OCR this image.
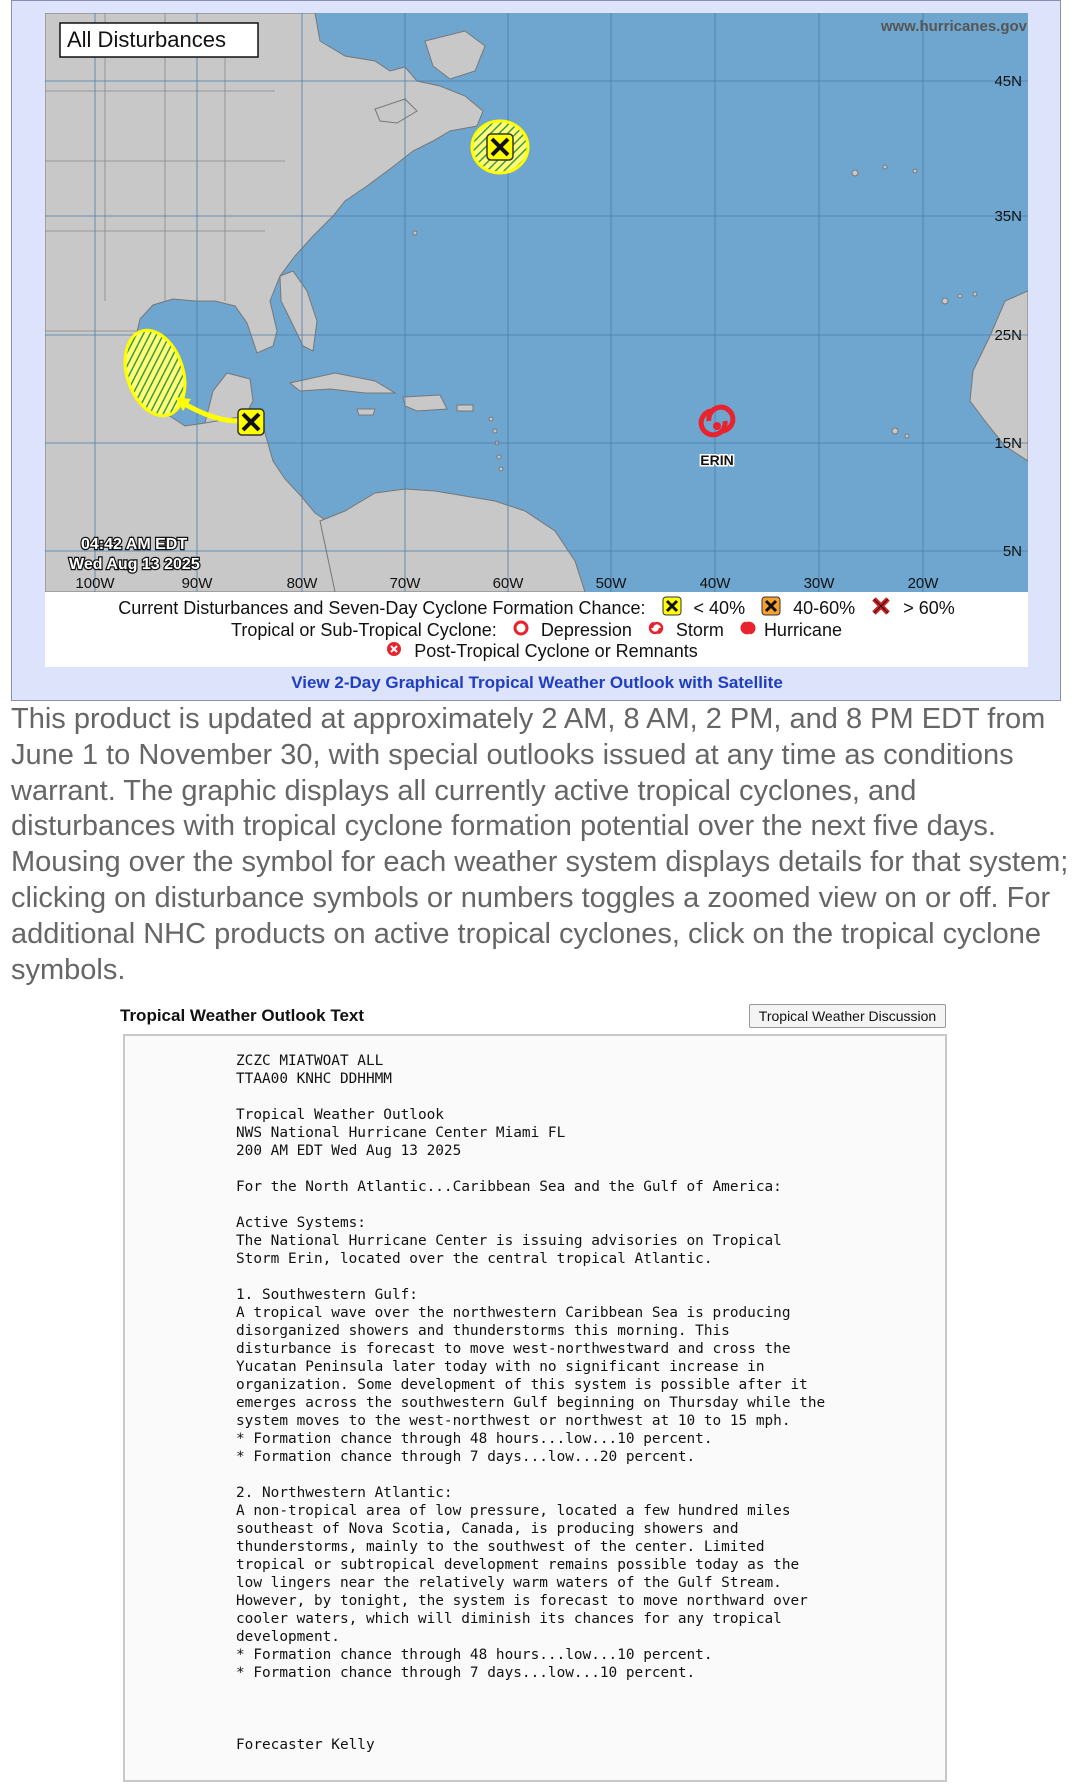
45N
35N
25N
15N
5N
100W	90W	80W	70W	60W	50W	40W	30W	20W
ERIN
All Disturbances
www.hurricanes.gov
04:42 AM EDT
Wed Aug 13 2025
Current Disturbances and Seven-Day Cyclone Formation Chance:	< 40%	40-60%	> 60%
Tropical or Sub-Tropical Cyclone: Depression Storm Hurricane
Post-Tropical Cyclone or Remnants
View 2-Day Graphical Tropical Weather Outlook with Satellite
This product is updated at approximately 2 AM, 8 AM, 2 PM, and 8 PM EDT from June 1 to November 30, with special outlooks issued at any time as conditions warrant. The graphic displays all currently active tropical cyclones, and disturbances with tropical cyclone formation potential over the next five days. Mousing over the symbol for each weather system displays details for that system; clicking on disturbance symbols or numbers toggles a zoomed view on or off. For additional NHC products on active tropical cyclones, click on the tropical cyclone symbols.
Tropical Weather Outlook Text	Tropical Weather Discussion
ZCZC MIATWOAT ALL
TTAA00 KNHC DDHHMM

Tropical Weather Outlook
NWS National Hurricane Center Miami FL
200 AM EDT Wed Aug 13 2025

For the North Atlantic...Caribbean Sea and the Gulf of America:

Active Systems:
The National Hurricane Center is issuing advisories on Tropical
Storm Erin, located over the central tropical Atlantic.

1. Southwestern Gulf:
A tropical wave over the northwestern Caribbean Sea is producing
disorganized showers and thunderstorms this morning. This
disturbance is forecast to move west-northwestward and cross the
Yucatan Peninsula later today with no significant increase in
organization. Some development of this system is possible after it
emerges across the southwestern Gulf beginning on Thursday while the
system moves to the west-northwest or northwest at 10 to 15 mph.
* Formation chance through 48 hours...low...10 percent.
* Formation chance through 7 days...low...20 percent.

2. Northwestern Atlantic:
A non-tropical area of low pressure, located a few hundred miles
southeast of Nova Scotia, Canada, is producing showers and
thunderstorms, mainly to the southwest of the center. Limited
tropical or subtropical development remains possible today as the
low lingers near the relatively warm waters of the Gulf Stream.
However, by tonight, the system is forecast to move northward over
cooler waters, which will diminish its chances for any tropical
development.
* Formation chance through 48 hours...low...10 percent.
* Formation chance through 7 days...low...10 percent.

Forecaster Kelly
